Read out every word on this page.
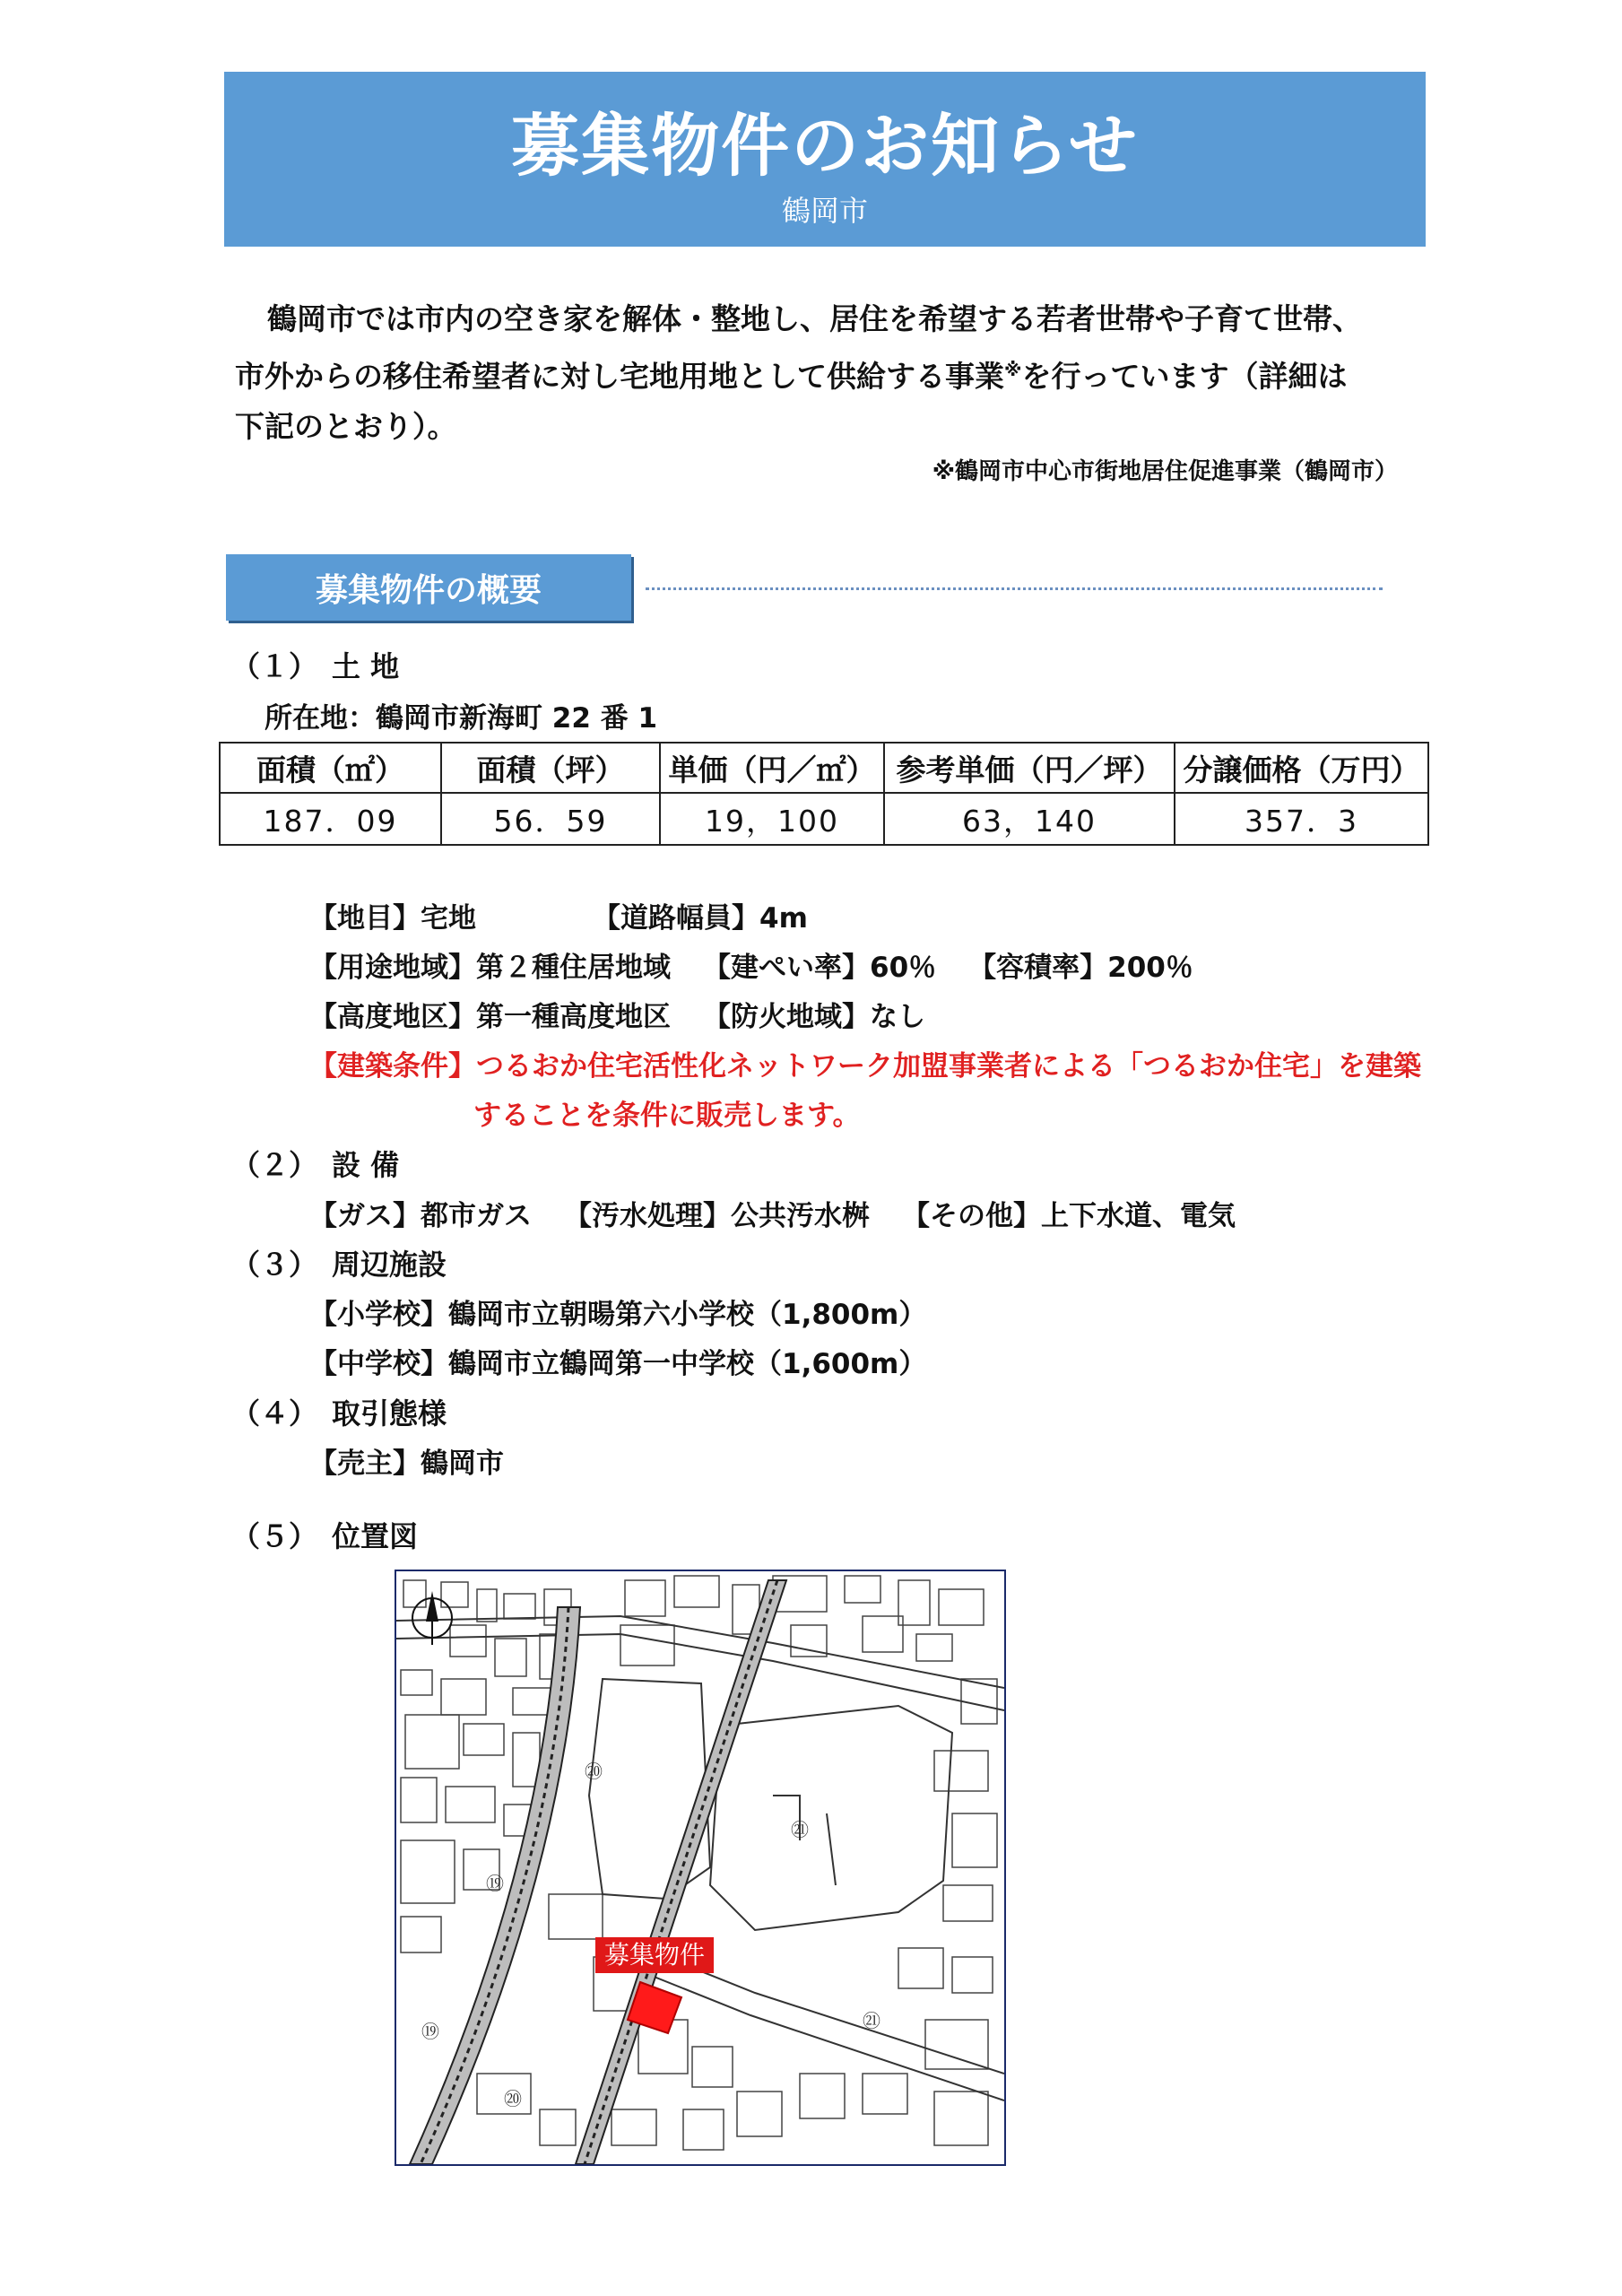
募集物件のお知らせ
鶴岡市

鶴岡市では市内の空き家を解体・整地し、居住を希望する若者世帯や子育て世帯、

市外からの移住希望者に対し宅地用地として供給する事業※を行っています（詳細は

下記のとおり）。

※鶴岡市中心市街地居住促進事業（鶴岡市）
募集物件の概要
（１） 土 地
所在地：鶴岡市新海町 22 番 1
面積（㎡）	面積（坪）	単価（円／㎡）	参考単価（円／坪）	分譲価格（万円）
187．09	56．59	19，100	63，140	357．3
【地目】宅地	【道路幅員】4m
【用途地域】第２種住居地域 【建ぺい率】60％ 【容積率】200％
【高度地区】第一種高度地区 【防火地域】なし
【建築条件】つるおか住宅活性化ネットワーク加盟事業者による「つるおか住宅」を建築
することを条件に販売します。
（２） 設 備
【ガス】都市ガス 【汚水処理】公共汚水桝 【その他】上下水道、電気
（３） 周辺施設
【小学校】鶴岡市立朝暘第六小学校（1,800m）
【中学校】鶴岡市立鶴岡第一中学校（1,600m）
（４） 取引態様
【売主】鶴岡市
（５） 位置図
⑳
㉑
⑲
⑳
⑲	㉑
募集物件
